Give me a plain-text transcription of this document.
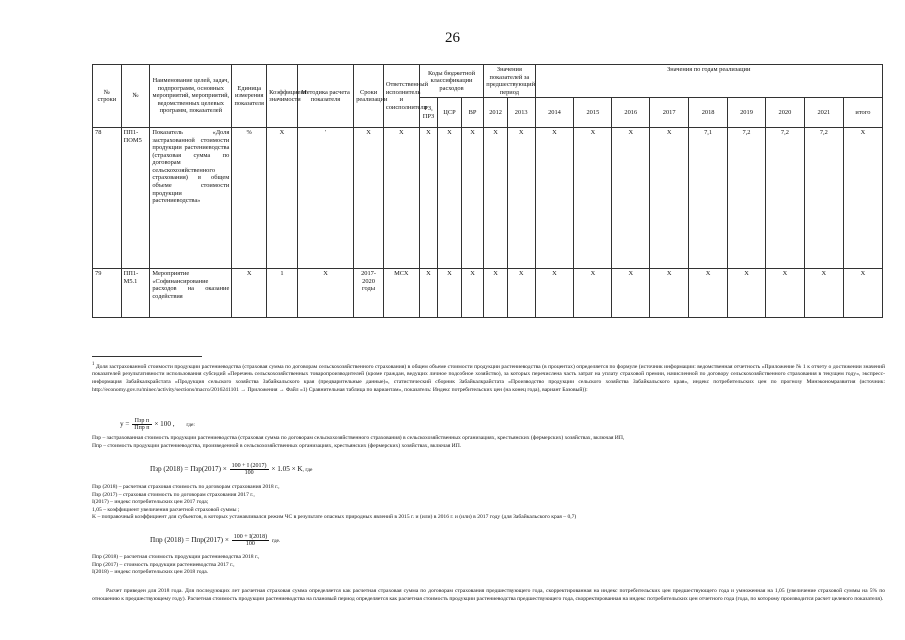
26
№ строки	№	Наименование целей, задач, подпрограмм, основных мероприятий, мероприятий, ведомственных целевых программ, показателей	Единица измерения показателя	Коэффициент значимости	Методика расчета показателя	Сроки реализации	Ответственный исполнитель и соисполнители	Коды бюджетной классификации расходов			Значения показателей за предшествующий период		Значения по годам реализации								
								РЗ, ПРЗ	ЦСР	ВР	2012	2013	2014	2015	2016	2017	2018	2019	2020	2021	итого
78	ПП1-ПОМ5	Показатель «Доля застрахованной стоимости продукции растениеводства (страховая сумма по договорам сельскохозяйственного страхования) в общем объеме стоимости продукции растениеводства»	%	X	'	X	X	X	X	X	X	X	X	X	X	X	7,1	7,2	7,2	7,2	X
79	ПП1-М5.1	Мероприятие «Софинансирование расходов на оказание содействия	X	1	X	2017-2020 годы	МСХ	X	X	X	X	X	X	X	X	X	X	X	X	X	X

$^1$ Доля застрахованной стоимости продукции растениеводства (страховая сумма по договорам сельскохозяйственного страхования) в общем объеме стоимости продукции растениеводства (в процентах) определяется по формуле (источник информации: ведомственная отчетность «Приложение № 1 к отчету о достижении значений показателей результативности использования субсидий «Перечень сельскохозяйственных товаропроизводителей (кроме граждан, ведущих личное подсобное хозяйство), за которых перечислена часть затрат на уплату страховой премии, начисленной по договору сельскохозяйственного страхования в текущем году», экспресс-информация Забайкалкрайстата «Продукция сельского хозяйства Забайкальского края (предварительные данные)», статистический сборник Забайкалкрайстата «Производство продукции сельского хозяйства Забайкальского края», индекс потребительских цен по прогнозу Минэкономразвития (источник: http://economy.gov.ru/minec/activity/sections/macro/2016241101 → Приложения → Файл «1) Сравнительная таблица по вариантам», показатель: Индекс потребительских цен (на конец года), вариант Базовый)):

$y = \frac{\text{Пзр п}}{\text{Ппр п}} \times 100$ , где:

Пзр – застрахованная стоимость продукции растениеводства (страховая сумма по договорам сельскохозяйственного страхования) в сельскохозяйственных организациях, крестьянских (фермерских) хозяйствах, включая ИП,

Ппр – стоимость продукции растениеводства, произведенной в сельскохозяйственных организациях, крестьянских (фермерских) хозяйствах, включая ИП.

Пзр $(2018) = Пзр(2017) \times \frac{100 + I (2017)}{100} \times 1.05 \times K$, где

Пзр (2018) – расчетная страховая стоимость по договорам страхования 2018 г.,

Пзр (2017) – страховая стоимость по договорам страхования 2017 г.,

I(2017) – индекс потребительских цен 2017 года;

1,05 – коэффициент увеличения расчетной страховой суммы ;

K – поправочный коэффициент для субъектов, в которых устанавливался режим ЧС в результате опасных природных явлений в 2015 г. и (или) в 2016 г. и (или) в 2017 году (для Забайкальского края – 0,7)

Ппр $(2018) = Ппр(2017) \times \frac{100 + I(2018)}{100}$ где.

Ппр (2018) – расчетная стоимость продукции растениеводства 2018 г.,

Ппр (2017) – стоимость продукции растениеводства 2017 г.,

I(2018) – индекс потребительских цен 2018 года.

Расчет приведен для 2018 года. Для последующих лет расчетная страховая сумма определяется как расчетная страховая сумма по договорам страхования предшествующего года, скорректированная на индекс потребительских цен предшествующего года и умноженная на 1,05 (увеличение страховой суммы на 5% по отношению к предшествующему году). Расчетная стоимость продукции растениеводства на плановый период определяется как расчетная стоимость продукции растениеводства предшествующего года, скорректированная на индекс потребительских цен отчетного года (года, по которому производится расчет целевого показателя).
